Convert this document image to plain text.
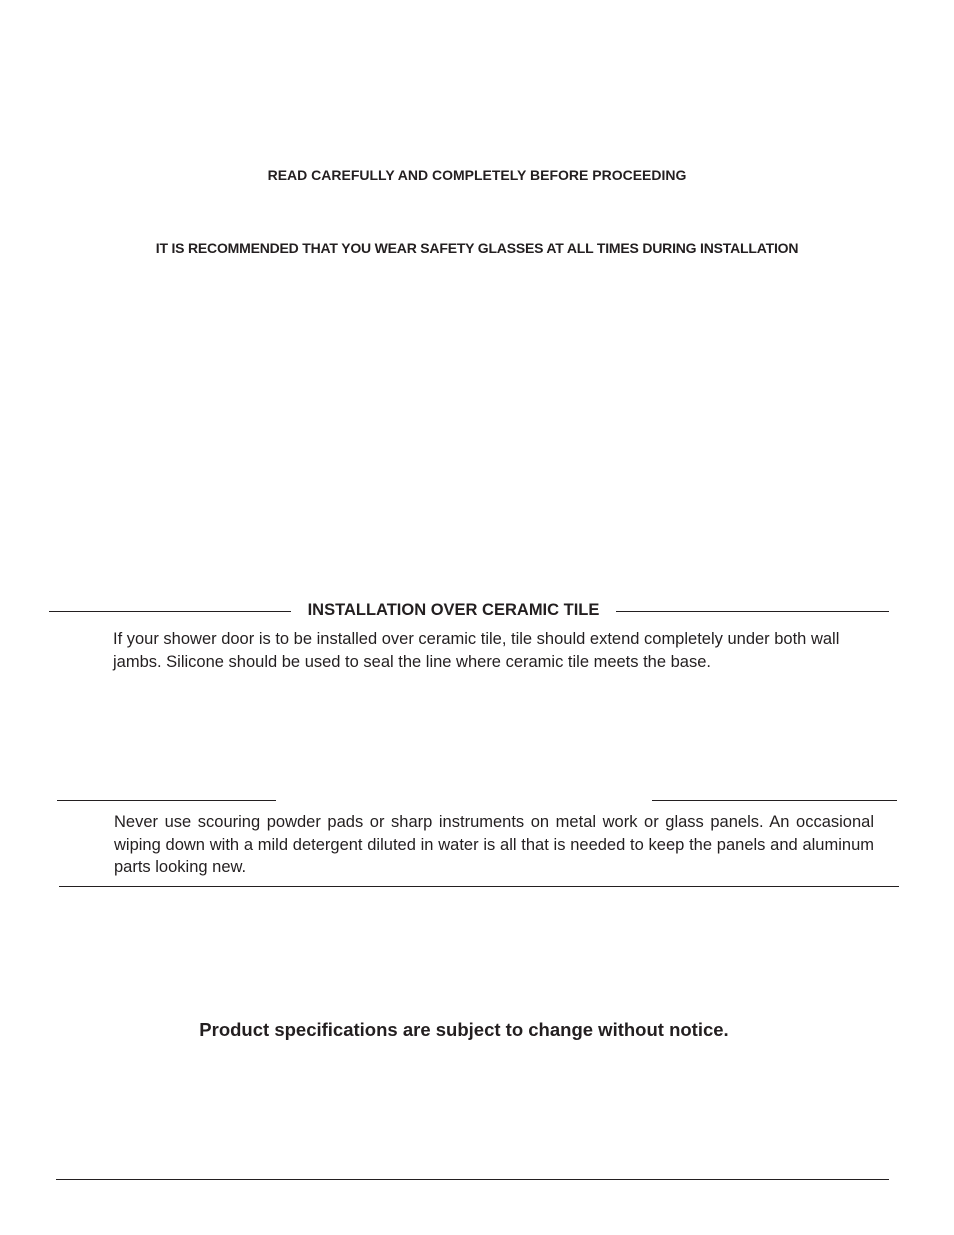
READ CAREFULLY AND COMPLETELY BEFORE PROCEEDING
IT IS RECOMMENDED THAT YOU WEAR SAFETY GLASSES AT ALL TIMES DURING INSTALLATION
INSTALLATION OVER CERAMIC TILE
If your shower door is to be installed over ceramic tile, tile should extend completely under both wall jambs. Silicone should be used to seal the line where ceramic tile meets the base.
Never use scouring powder pads or sharp instruments on metal work or glass panels. An occasional wiping down with a mild detergent diluted in water is all that is needed to keep the panels and aluminum parts looking new.
Product specifications are subject to change without notice.
